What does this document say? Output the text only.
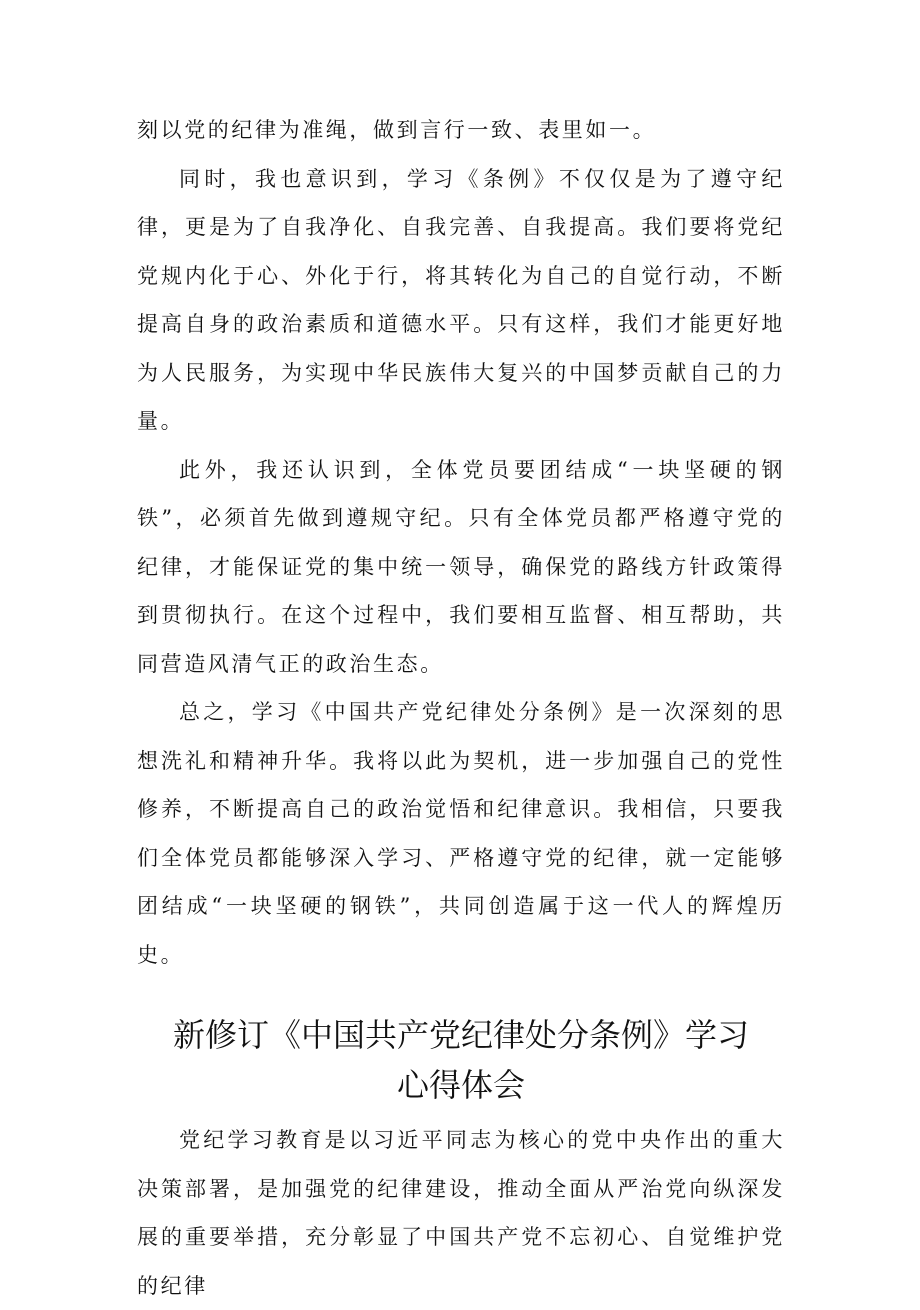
刻以党的纪律为准绳，做到言行一致、表里如一。

同时，我也意识到，学习《条例》不仅仅是为了遵守纪律，更是为了自我净化、自我完善、自我提高。我们要将党纪党规内化于心、外化于行，将其转化为自己的自觉行动，不断提高自身的政治素质和道德水平。只有这样，我们才能更好地为人民服务，为实现中华民族伟大复兴的中国梦贡献自己的力量。

此外，我还认识到，全体党员要团结成“一块坚硬的钢铁”，必须首先做到遵规守纪。只有全体党员都严格遵守党的纪律，才能保证党的集中统一领导，确保党的路线方针政策得到贯彻执行。在这个过程中，我们要相互监督、相互帮助，共同营造风清气正的政治生态。

总之，学习《中国共产党纪律处分条例》是一次深刻的思想洗礼和精神升华。我将以此为契机，进一步加强自己的党性修养，不断提高自己的政治觉悟和纪律意识。我相信，只要我们全体党员都能够深入学习、严格遵守党的纪律，就一定能够团结成“一块坚硬的钢铁”，共同创造属于这一代人的辉煌历史。

新修订《中国共产党纪律处分条例》学习
心得体会

党纪学习教育是以习近平同志为核心的党中央作出的重大决策部署，是加强党的纪律建设，推动全面从严治党向纵深发展的重要举措，充分彰显了中国共产党不忘初心、自觉维护党的纪律
